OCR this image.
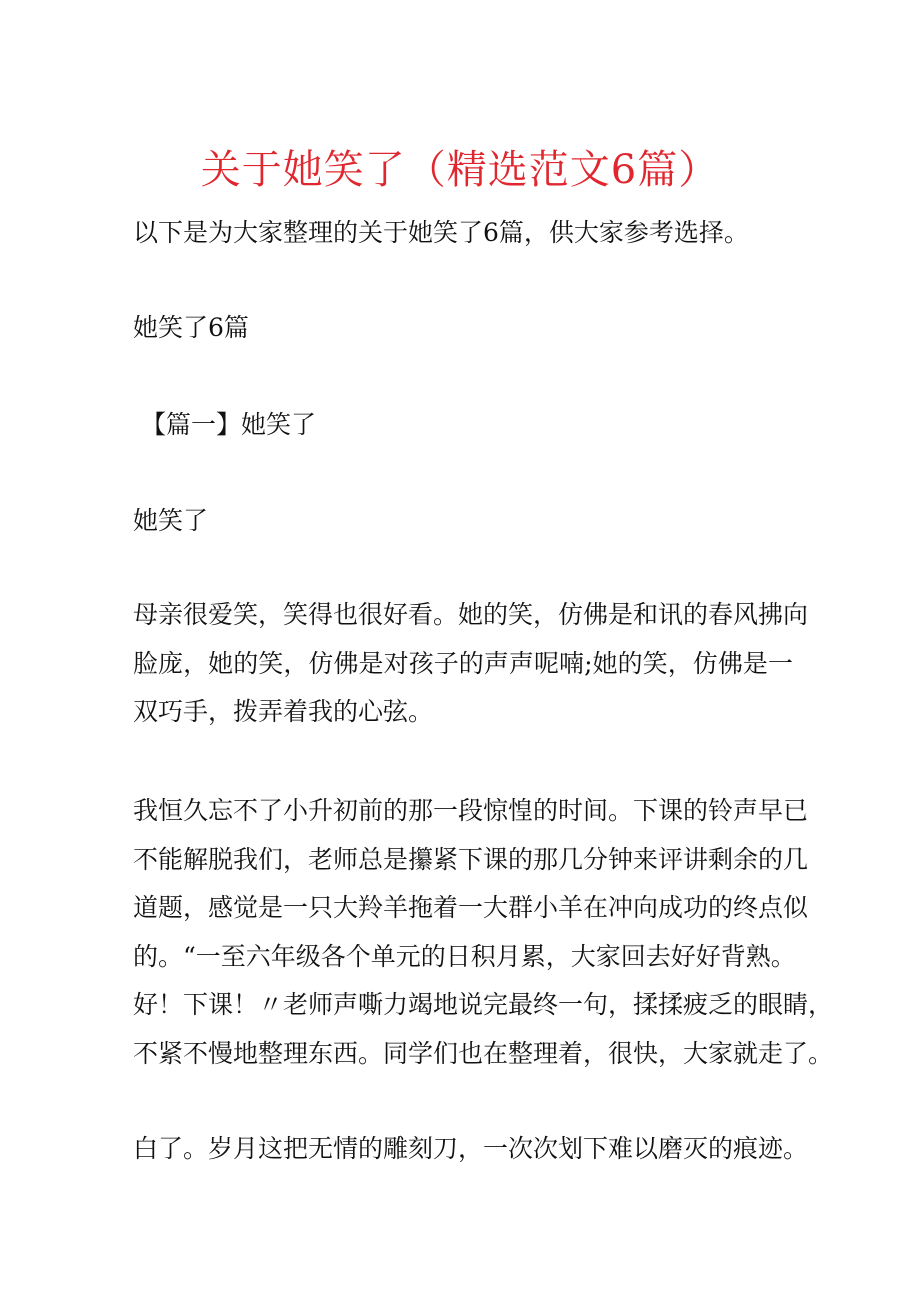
关于她笑了（精选范文6篇）
以下是为大家整理的关于她笑了6篇，供大家参考选择。
她笑了6篇
【篇一】她笑了
她笑了
母亲很爱笑，笑得也很好看。她的笑，仿佛是和讯的春风拂向
脸庞，她的笑，仿佛是对孩子的声声呢喃;她的笑，仿佛是一
双巧手，拨弄着我的心弦。
我恒久忘不了小升初前的那一段惊惶的时间。下课的铃声早已
不能解脱我们，老师总是攥紧下课的那几分钟来评讲剩余的几
道题，感觉是一只大羚羊拖着一大群小羊在冲向成功的终点似
的。“一至六年级各个单元的日积月累，大家回去好好背熟。
好！下课！〃老师声嘶力竭地说完最终一句，揉揉疲乏的眼睛，
不紧不慢地整理东西。同学们也在整理着，很快，大家就走了。
白了。岁月这把无情的雕刻刀，一次次划下难以磨灭的痕迹。
